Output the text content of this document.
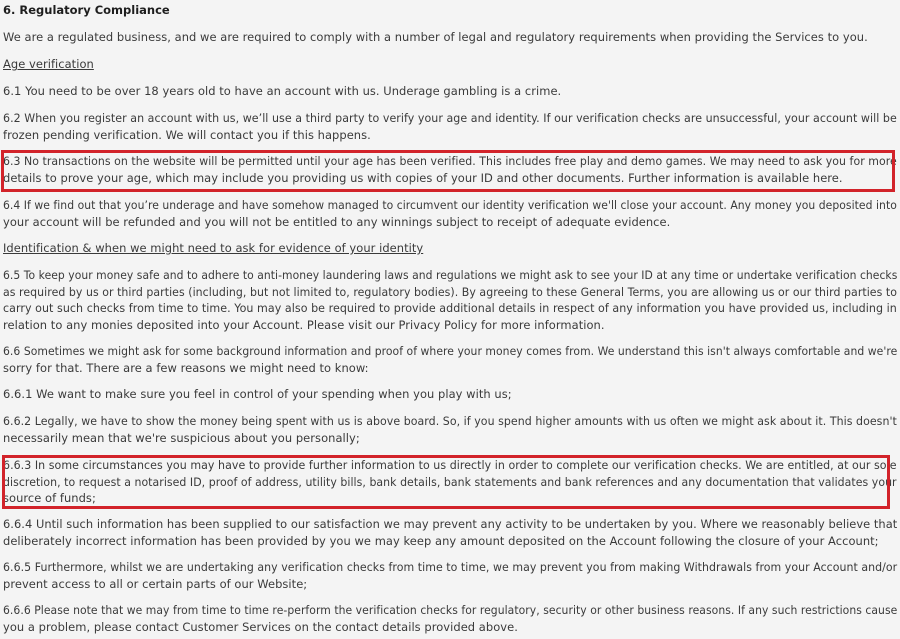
6. Regulatory Compliance
We are a regulated business, and we are required to comply with a number of legal and regulatory requirements when providing the Services to you.
Age verification
6.1 You need to be over 18 years old to have an account with us. Underage gambling is a crime.
6.2 When you register an account with us, we’ll use a third party to verify your age and identity. If our verification checks are unsuccessful, your account will be
frozen pending verification. We will contact you if this happens.
6.3 No transactions on the website will be permitted until your age has been verified. This includes free play and demo games. We may need to ask you for more
details to prove your age, which may include you providing us with copies of your ID and other documents. Further information is available here.
6.4 If we find out that you’re underage and have somehow managed to circumvent our identity verification we'll close your account. Any money you deposited into
your account will be refunded and you will not be entitled to any winnings subject to receipt of adequate evidence.
Identification & when we might need to ask for evidence of your identity
6.5 To keep your money safe and to adhere to anti-money laundering laws and regulations we might ask to see your ID at any time or undertake verification checks
as required by us or third parties (including, but not limited to, regulatory bodies). By agreeing to these General Terms, you are allowing us or our third parties to
carry out such checks from time to time. You may also be required to provide additional details in respect of any information you have provided us, including in
relation to any monies deposited into your Account. Please visit our Privacy Policy for more information.
6.6 Sometimes we might ask for some background information and proof of where your money comes from. We understand this isn't always comfortable and we're
sorry for that. There are a few reasons we might need to know:
6.6.1 We want to make sure you feel in control of your spending when you play with us;
6.6.2 Legally, we have to show the money being spent with us is above board. So, if you spend higher amounts with us often we might ask about it. This doesn't
necessarily mean that we're suspicious about you personally;
6.6.3 In some circumstances you may have to provide further information to us directly in order to complete our verification checks. We are entitled, at our sole
discretion, to request a notarised ID, proof of address, utility bills, bank details, bank statements and bank references and any documentation that validates your
source of funds;
6.6.4 Until such information has been supplied to our satisfaction we may prevent any activity to be undertaken by you. Where we reasonably believe that
deliberately incorrect information has been provided by you we may keep any amount deposited on the Account following the closure of your Account;
6.6.5 Furthermore, whilst we are undertaking any verification checks from time to time, we may prevent you from making Withdrawals from your Account and/or
prevent access to all or certain parts of our Website;
6.6.6 Please note that we may from time to time re-perform the verification checks for regulatory, security or other business reasons. If any such restrictions cause
you a problem, please contact Customer Services on the contact details provided above.
